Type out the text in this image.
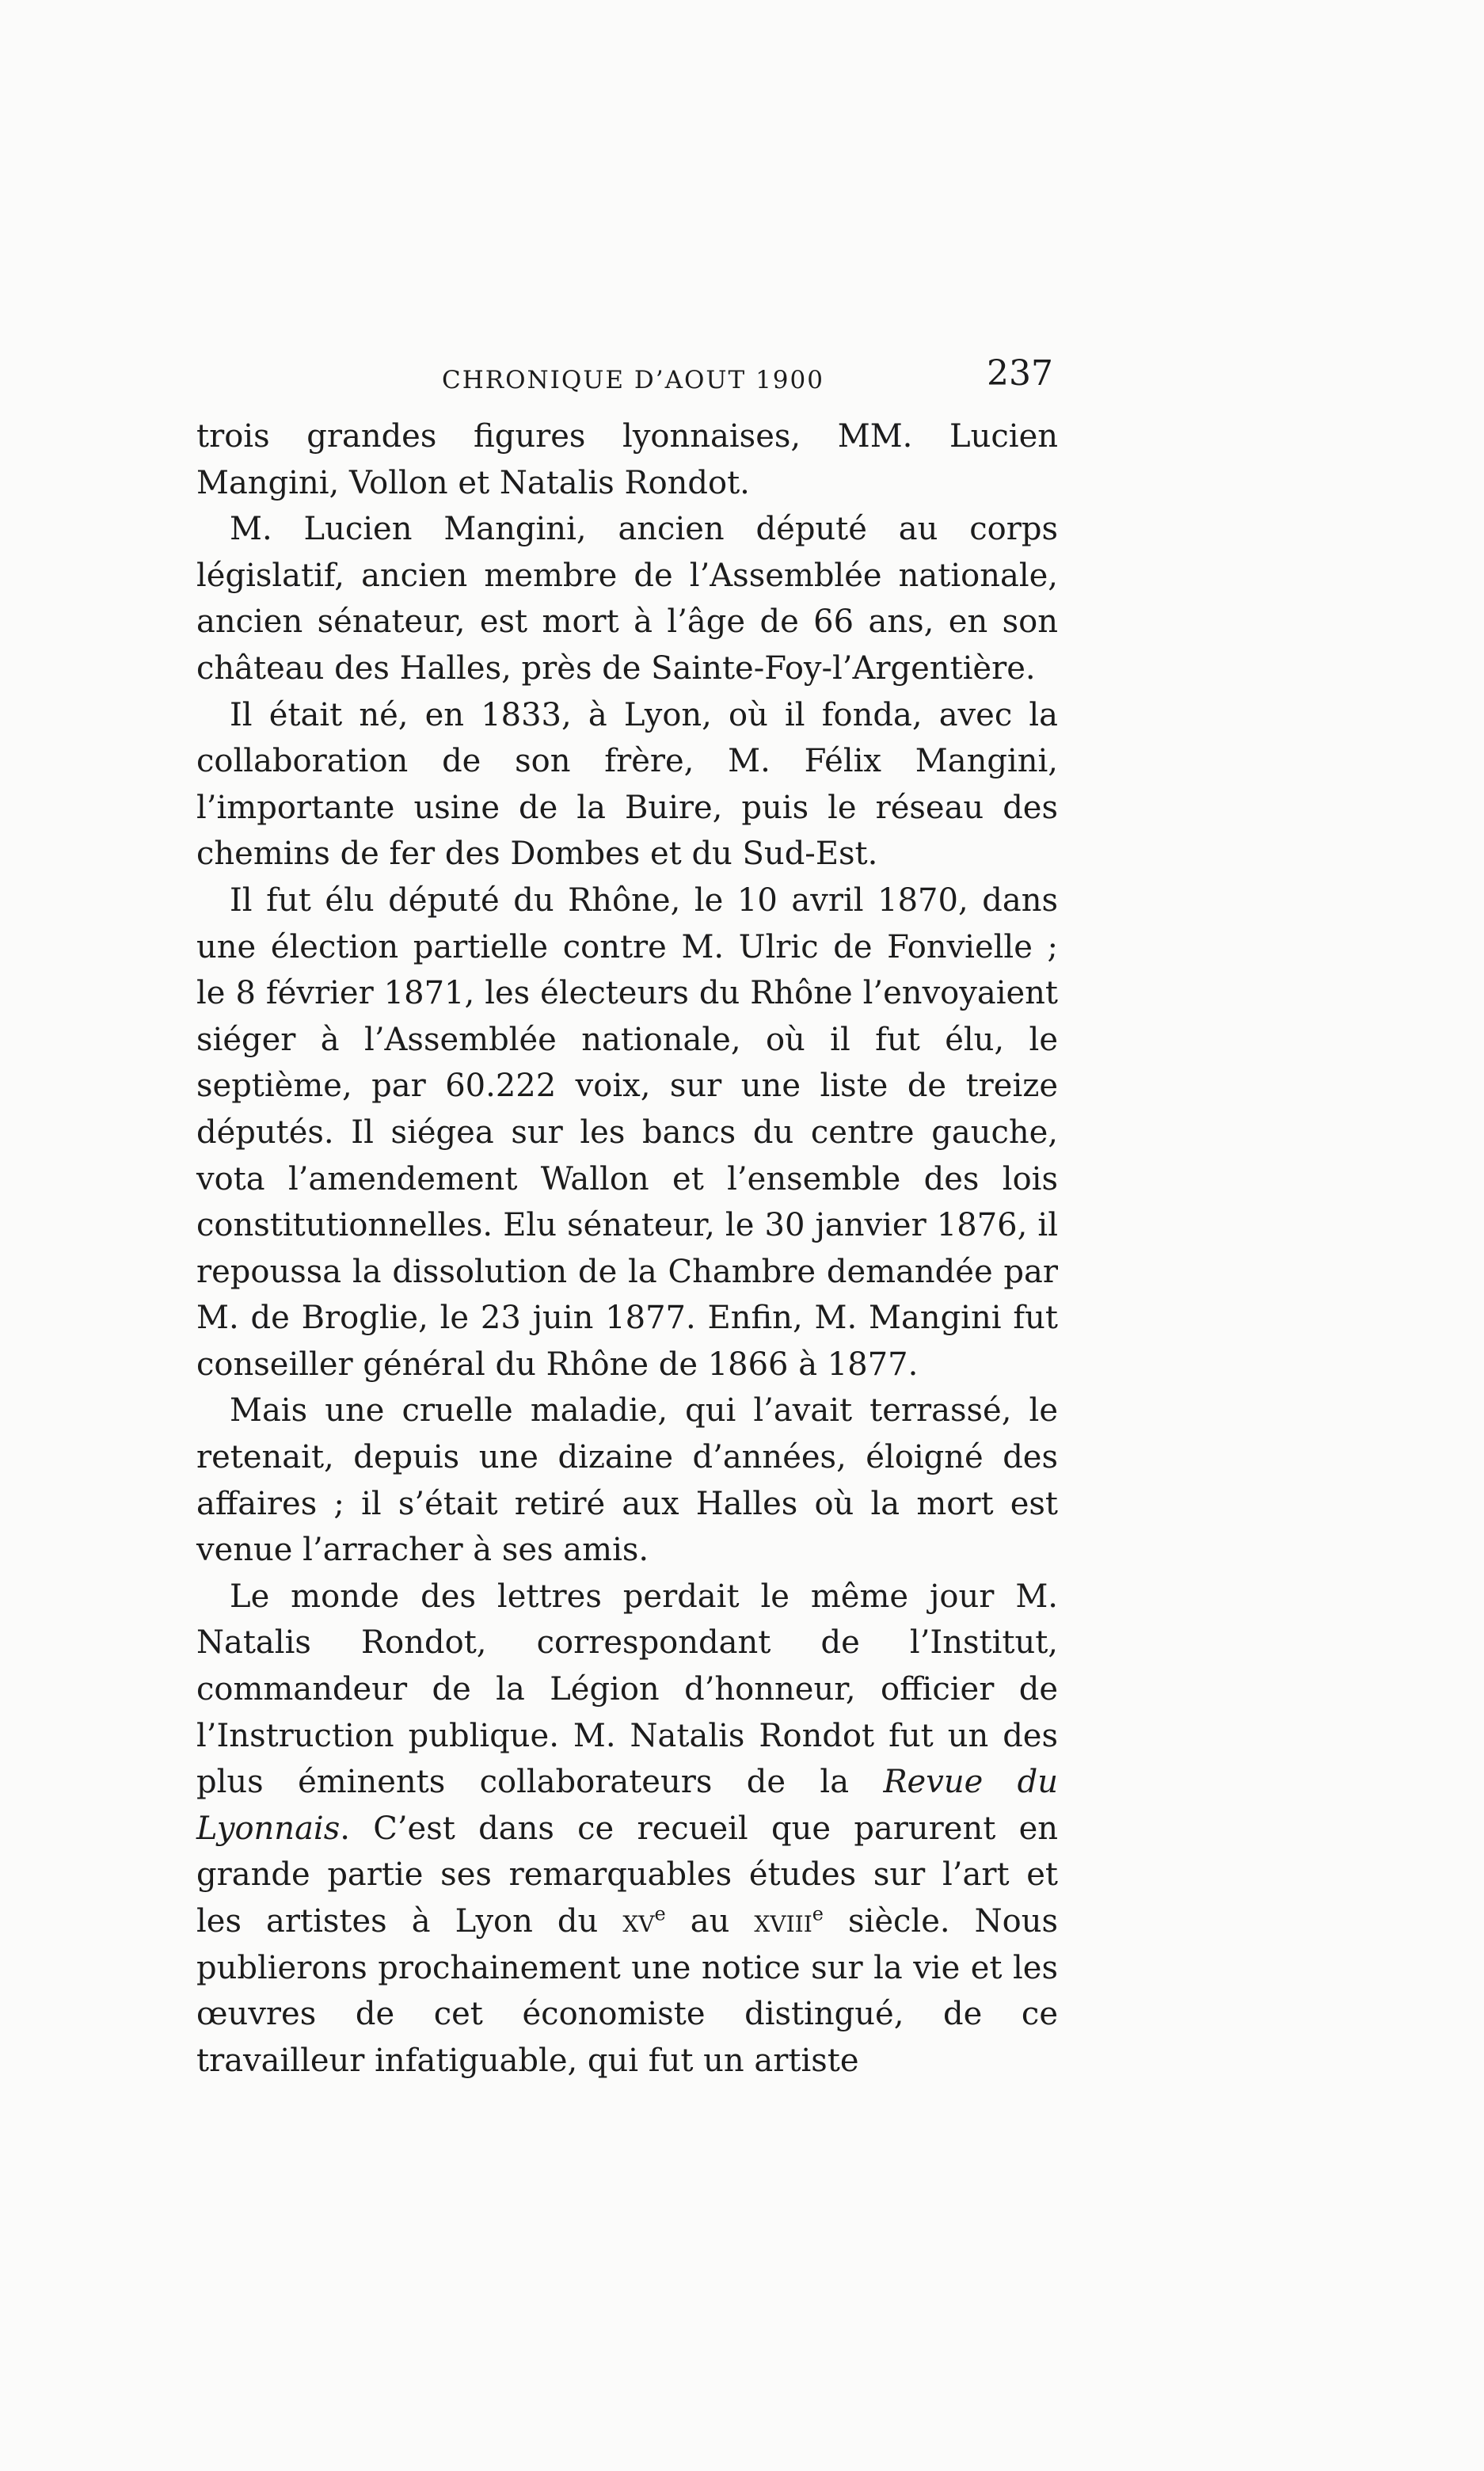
CHRONIQUE D’AOUT 1900	237

trois grandes figures lyonnaises, MM. Lucien Mangini, Vollon et Natalis Rondot.

M. Lucien Mangini, ancien député au corps législatif, ancien membre de l’Assemblée nationale, ancien sénateur, est mort à l’âge de 66 ans, en son château des Halles, près de Sainte-Foy-l’Argentière.

Il était né, en 1833, à Lyon, où il fonda, avec la collaboration de son frère, M. Félix Mangini, l’importante usine de la Buire, puis le réseau des chemins de fer des Dombes et du Sud-Est.

Il fut élu député du Rhône, le 10 avril 1870, dans une élection partielle contre M. Ulric de Fonvielle ; le 8 février 1871, les électeurs du Rhône l’envoyaient siéger à l’Assemblée nationale, où il fut élu, le septième, par 60.222 voix, sur une liste de treize députés. Il siégea sur les bancs du centre gauche, vota l’amendement Wallon et l’ensemble des lois constitutionnelles. Elu sénateur, le 30 janvier 1876, il repoussa la dissolution de la Chambre demandée par M. de Broglie, le 23 juin 1877. Enfin, M. Mangini fut conseiller général du Rhône de 1866 à 1877.

Mais une cruelle maladie, qui l’avait terrassé, le retenait, depuis une dizaine d’années, éloigné des affaires ; il s’était retiré aux Halles où la mort est venue l’arracher à ses amis.

Le monde des lettres perdait le même jour M. Natalis Rondot, correspondant de l’Institut, commandeur de la Légion d’honneur, officier de l’Instruction publique. M. Natalis Rondot fut un des plus éminents collaborateurs de la Revue du Lyonnais. C’est dans ce recueil que parurent en grande partie ses remarquables études sur l’art et les artistes à Lyon du $xv^e$ au xviii$^e$ siècle. Nous publierons prochainement une notice sur la vie et les œuvres de cet économiste distingué, de ce travailleur infatiguable, qui fut un artiste
